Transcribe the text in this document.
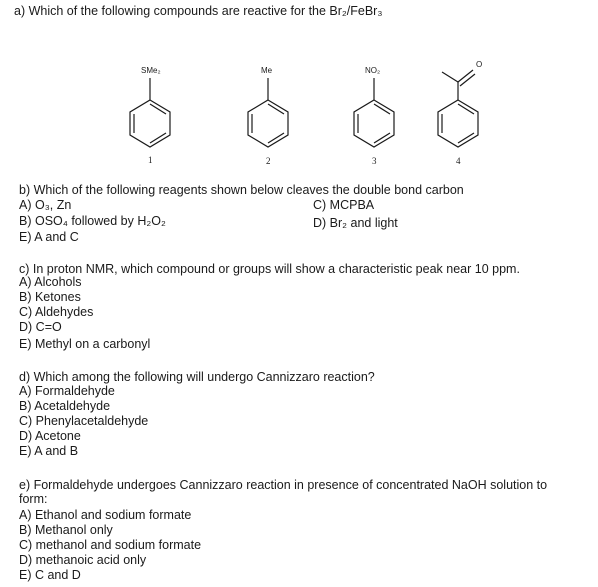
a) Which of the following compounds are reactive for the Br₂/FeBr₃
SMe₂	Me	NO₂
O
1	2	3	4
b) Which of the following reagents shown below cleaves the double bond carbon
A) O₃, Zn	C) MCPBA
B) OSO₄ followed by H₂O₂	D) Br₂ and light
E) A and C
c) In proton NMR, which compound or groups will show a characteristic peak near 10 ppm.
A) Alcohols
B) Ketones
C) Aldehydes
D) C=O
E) Methyl on a carbonyl
d) Which among the following will undergo Cannizzaro reaction?
A) Formaldehyde
B) Acetaldehyde
C) Phenylacetaldehyde
D) Acetone
E) A and B
e) Formaldehyde undergoes Cannizzaro reaction in presence of concentrated NaOH solution to
form:
A) Ethanol and sodium formate
B) Methanol only
C) methanol and sodium formate
D) methanoic acid only
E) C and D
